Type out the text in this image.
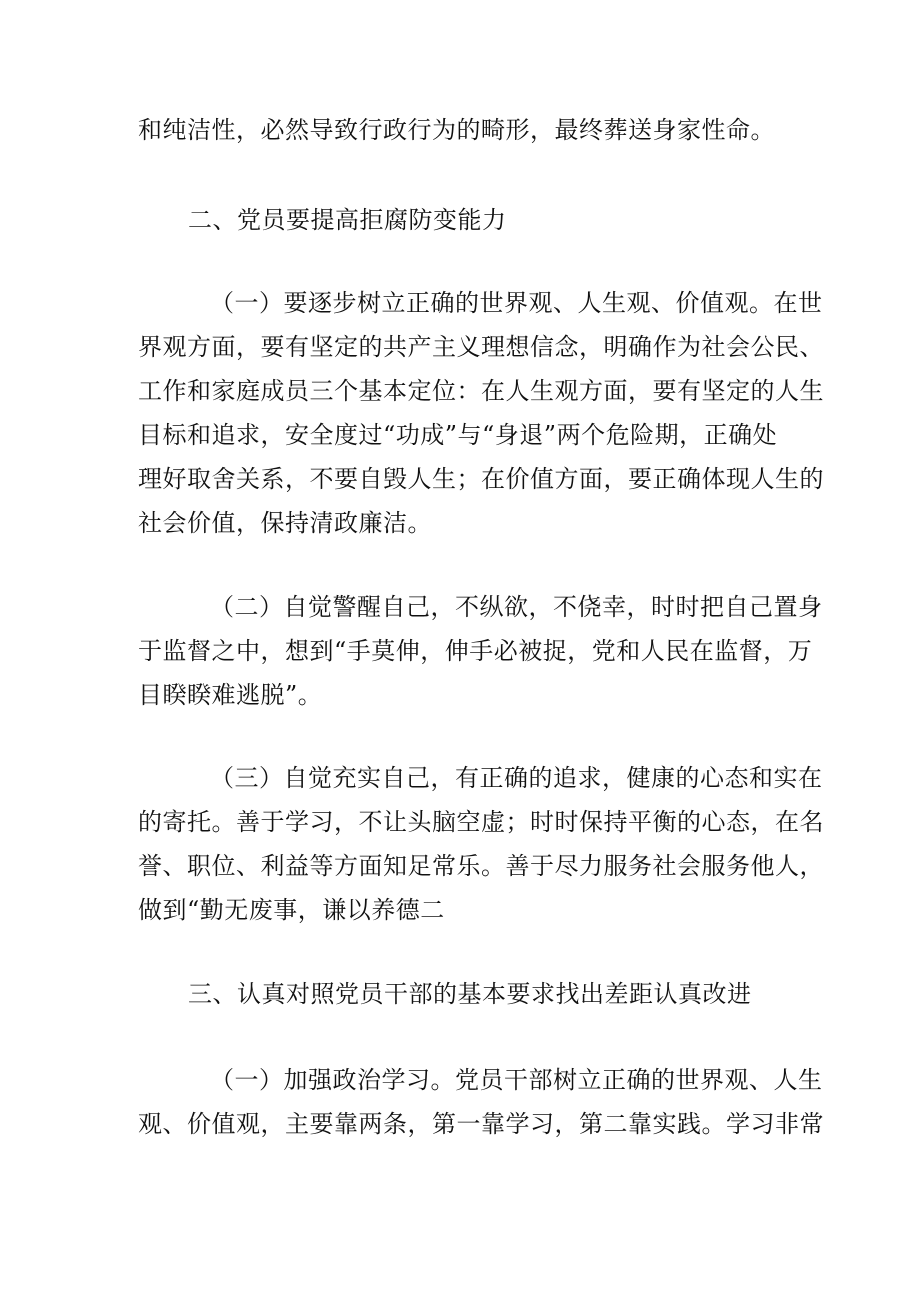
和纯洁性，必然导致行政行为的畸形，最终葬送身家性命。
二、党员要提高拒腐防变能力
（一）要逐步树立正确的世界观、人生观、价值观。在世
界观方面，要有坚定的共产主义理想信念，明确作为社会公民、
工作和家庭成员三个基本定位：在人生观方面，要有坚定的人生
目标和追求，安全度过“功成”与“身退”两个危险期，正确处
理好取舍关系，不要自毁人生；在价值方面，要正确体现人生的
社会价值，保持清政廉洁。
（二）自觉警醒自己，不纵欲，不侥幸，时时把自己置身
于监督之中，想到“手莫伸，伸手必被捉，党和人民在监督，万
目睽睽难逃脱”。
（三）自觉充实自己，有正确的追求，健康的心态和实在
的寄托。善于学习，不让头脑空虚；时时保持平衡的心态，在名
誉、职位、利益等方面知足常乐。善于尽力服务社会服务他人，
做到“勤无废事，谦以养德二
三、认真对照党员干部的基本要求找出差距认真改进
（一）加强政治学习。党员干部树立正确的世界观、人生
观、价值观，主要靠两条，第一靠学习，第二靠实践。学习非常
